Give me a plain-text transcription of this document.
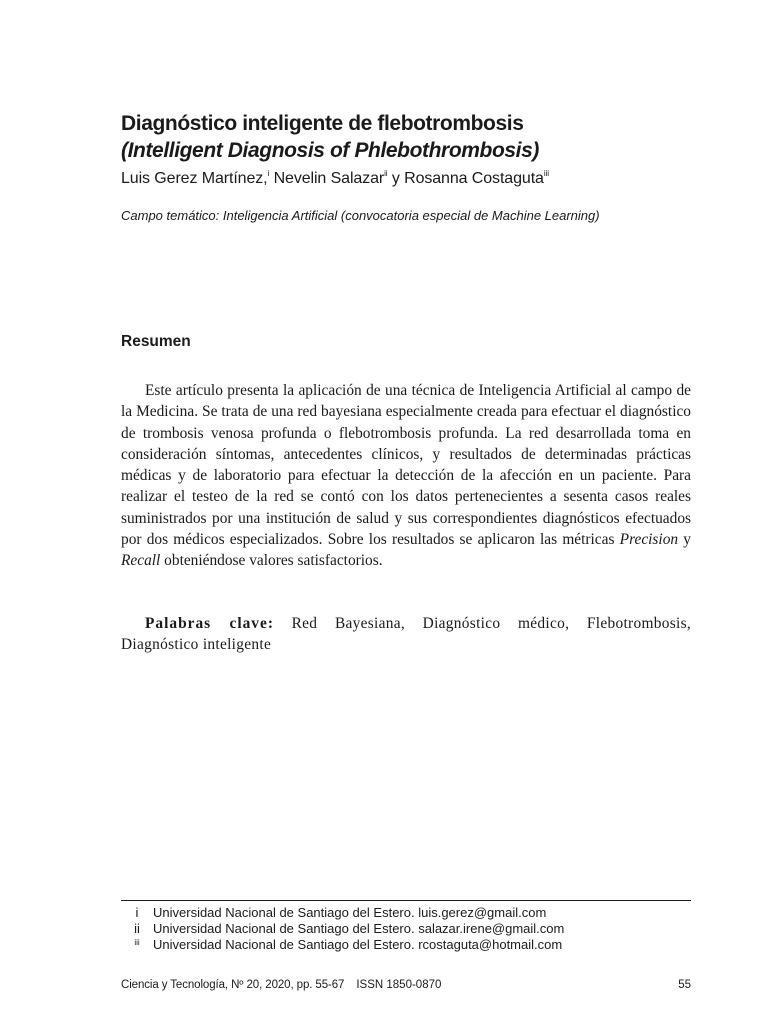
Diagnóstico inteligente de flebotrombosis
(Intelligent Diagnosis of Phlebothrombosis)
Luis Gerez Martínez,$^i$ Nevelin Salazar$^{ii}$ y Rosanna Costaguta$^{iii}$
Campo temático: Inteligencia Artificial (convocatoria especial de Machine Learning)
Resumen

Este artículo presenta la aplicación de una técnica de Inteligencia Artificial al campo de la Medicina. Se trata de una red bayesiana especialmente creada para efectuar el diagnóstico de trombosis venosa profunda o flebotrombosis profunda. La red desarrollada toma en consideración síntomas, antecedentes clínicos, y resultados de determinadas prácticas médicas y de laboratorio para efectuar la detección de la afección en un paciente. Para realizar el testeo de la red se contó con los datos pertenecientes a sesenta casos reales suministrados por una institución de salud y sus correspondientes diagnósticos efectuados por dos médicos especializados. Sobre los resultados se aplicaron las métricas Precision y Recall obteniéndose valores satisfactorios.

Palabras clave: Red Bayesiana, Diagnóstico médico, Flebotrombosis, Diagnóstico inteligente

i	Universidad Nacional de Santiago del Estero. luis.gerez@gmail.com
ii	Universidad Nacional de Santiago del Estero. salazar.irene@gmail.com
iii	Universidad Nacional de Santiago del Estero. rcostaguta@hotmail.com
Ciencia y Tecnología, Nº 20, 2020, pp. 55-67 ISSN 1850-0870	55
